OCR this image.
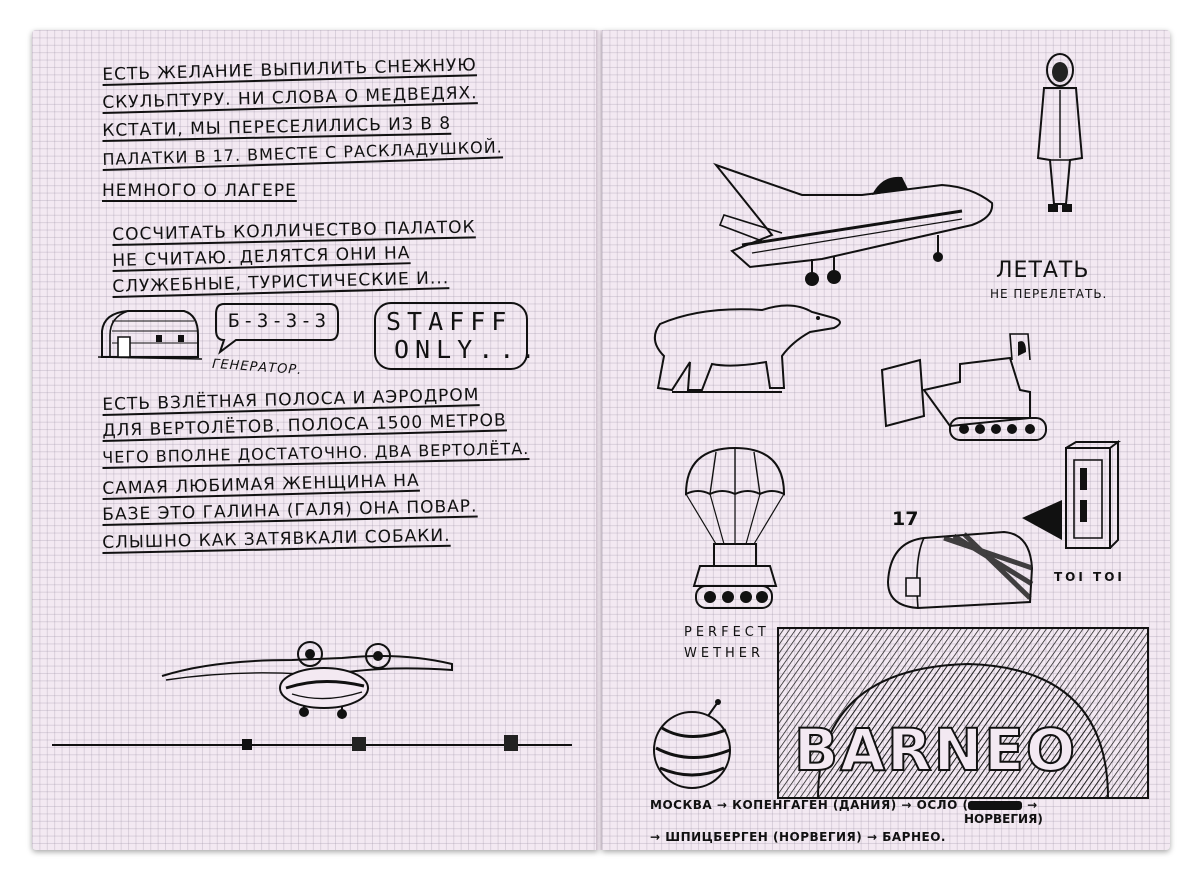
ЕСТЬ ЖЕЛАНИЕ ВЫПИЛИТЬ СНЕЖНУЮ

СКУЛЬПТУРУ. НИ СЛОВА О МЕДВЕДЯХ.

КСТАТИ, МЫ ПЕРЕСЕЛИЛИСЬ ИЗ В 8

ПАЛАТКИ В 17. ВМЕСТЕ С РАСКЛАДУШКОЙ.

НЕМНОГО О ЛАГЕРЕ

СОСЧИТАТЬ КОЛЛИЧЕСТВО ПАЛАТОК

НЕ СЧИТАЮ. ДЕЛЯТСЯ ОНИ НА

СЛУЖЕБНЫЕ, ТУРИСТИЧЕСКИЕ И...

Б-3-3-3

ГЕНЕРАТОР.

STAFFF

ONLY...

ЕСТЬ ВЗЛЁТНАЯ ПОЛОСА И АЭРОДРОМ

ДЛЯ ВЕРТОЛЁТОВ. ПОЛОСА 1500 МЕТРОВ

ЧЕГО ВПОЛНЕ ДОСТАТОЧНО. ДВА ВЕРТОЛЁТА.

САМАЯ ЛЮБИМАЯ ЖЕНЩИНА НА

БАЗЕ ЭТО ГАЛИНА (ГАЛЯ) ОНА ПОВАР.

СЛЫШНО КАК ЗАТЯВКАЛИ СОБАКИ.

ЛЕТАТЬ

НЕ ПЕРЕЛЕТАТЬ.

PERFECT

WETHER

17

TOI TOI

BARNEO

МОСКВА → КОПЕНГАГЕН (ДАНИЯ) → ОСЛО (	→

НОРВЕГИЯ)

→ ШПИЦБЕРГЕН (НОРВЕГИЯ) → БАРНЕО.
